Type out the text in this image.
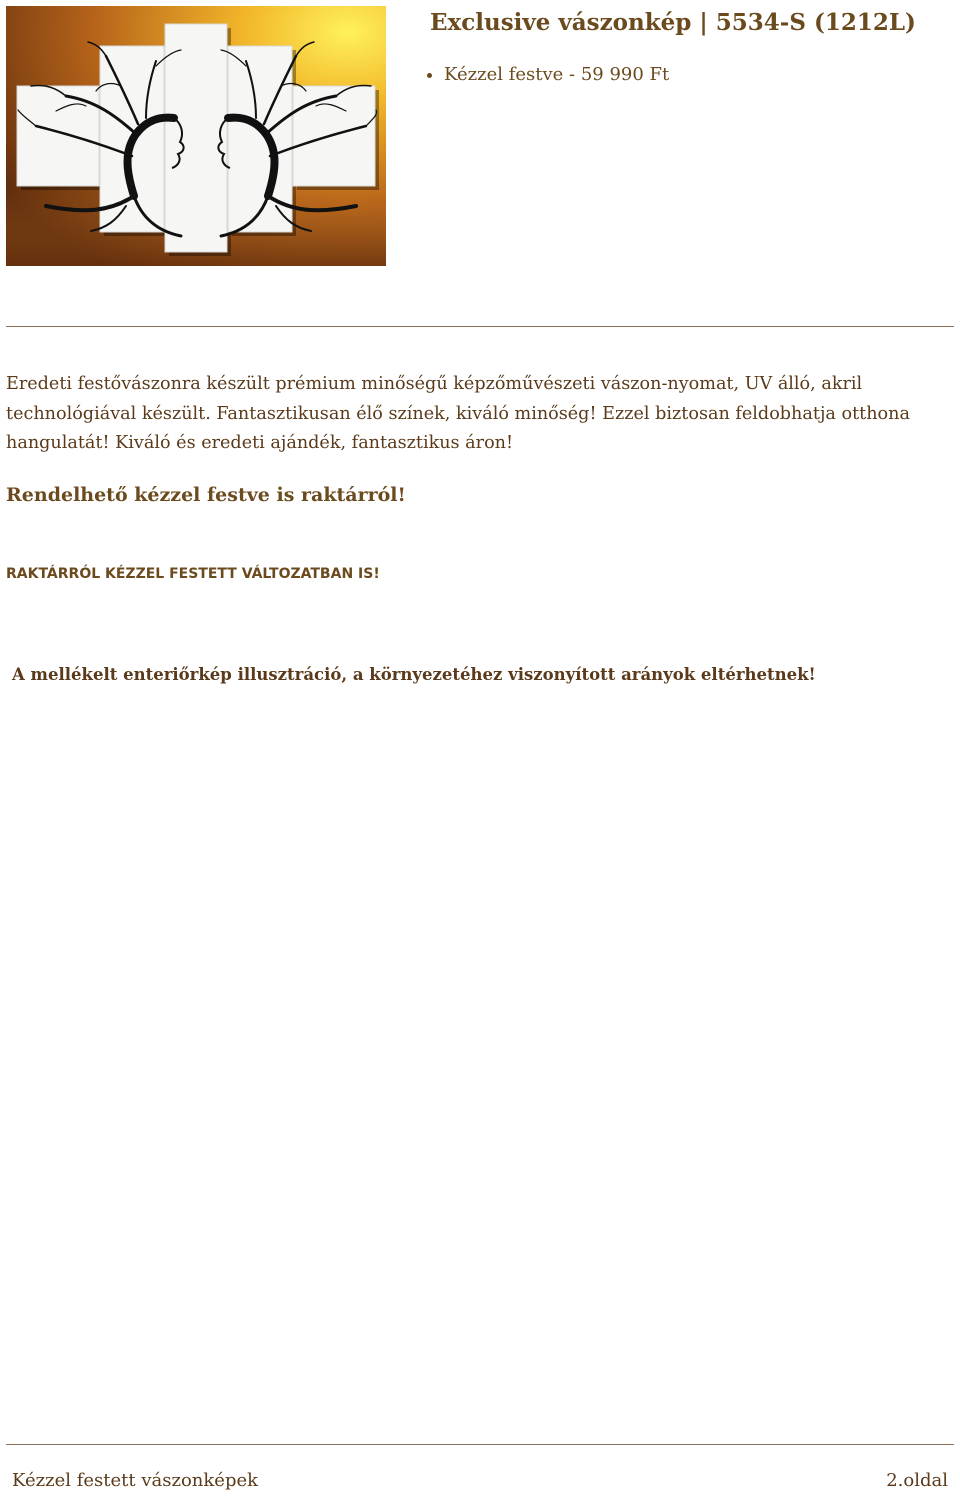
Exclusive vászonkép | 5534-S (1212L)
• Kézzel festve - 59 990 Ft

Eredeti festővászonra készült prémium minőségű képzőművészeti vászon-nyomat, UV álló, akril technológiával készült. Fantasztikusan élő színek, kiváló minőség! Ezzel biztosan feldobhatja otthona hangulatát! Kiváló és eredeti ajándék, fantasztikus áron!

Rendelhető kézzel festve is raktárról!

RAKTÁRRÓL KÉZZEL FESTETT VÁLTOZATBAN IS!

A mellékelt enteriőrkép illusztráció, a környezetéhez viszonyított arányok eltérhetnek!

Kézzel festett vászonképek	2.oldal
